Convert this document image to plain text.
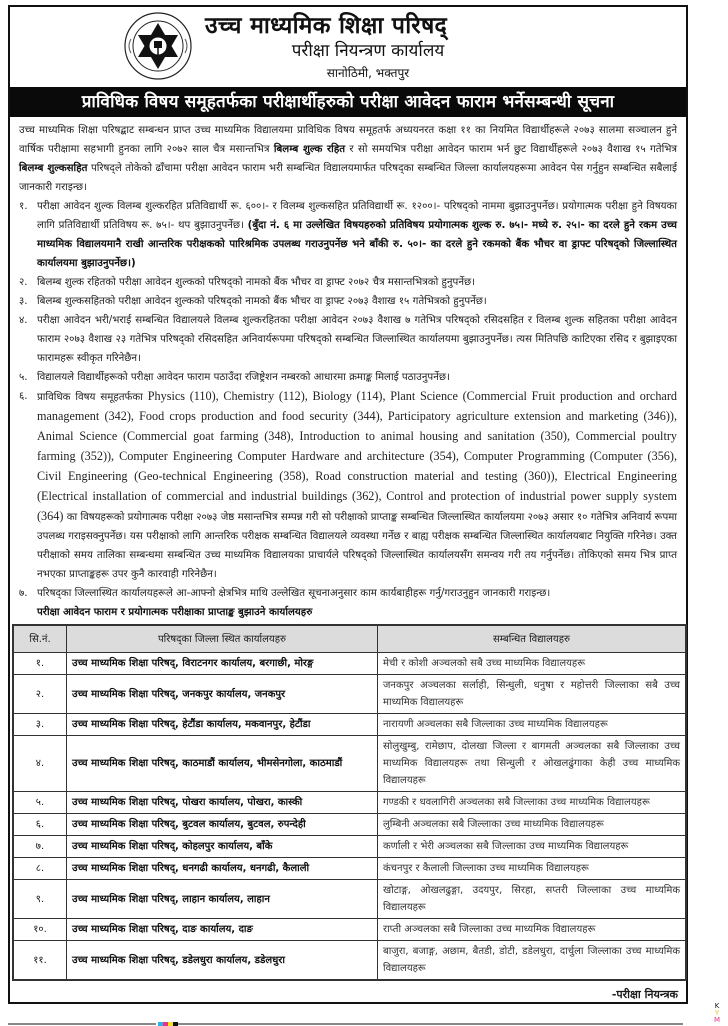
उच्च माध्यमिक शिक्षा परिषद्
परीक्षा नियन्त्रण कार्यालय
सानोठिमी, भक्तपुर
प्राविधिक विषय समूहतर्फका परीक्षार्थीहरुको परीक्षा आवेदन फाराम भर्नेसम्बन्धी सूचना

उच्च माध्यमिक शिक्षा परिषद्बाट सम्बन्धन प्राप्त उच्च माध्यमिक विद्यालयमा प्राविधिक विषय समूहतर्फ अध्ययनरत कक्षा ११ का नियमित विद्यार्थीहरूले २०७३ सालमा सञ्चालन हुने वार्षिक परीक्षामा सहभागी हुनका लागि २०७२ साल चैत्र मसान्तभित्र बिलम्ब शुल्क रहित र सो समयभित्र परीक्षा आवेदन फाराम भर्न छुट विद्यार्थीहरूले २०७३ वैशाख १५ गतेभित्र बिलम्ब शुल्कसहित परिषद्ले तोकेको ढाँचामा परीक्षा आवेदन फाराम भरी सम्बन्धित विद्यालयमार्फत परिषद्का सम्बन्धित जिल्ला कार्यालयहरूमा आवेदन पेस गर्नुहुन सम्बन्धित सबैलाई जानकारी गराइन्छ।

१. परीक्षा आवेदन शुल्क विलम्ब शुल्करहित प्रतिविद्यार्थी रू. ६००।- र विलम्ब शुल्कसहित प्रतिविद्यार्थी रू. १२००।- परिषद्को नाममा बुझाउनुपर्नेछ। प्रयोगात्मक परीक्षा हुने विषयका लागि प्रतिविद्यार्थी प्रतिविषय रू. ७५।- थप बुझाउनुपर्नेछ। (बुँदा नं. ६ मा उल्लेखित विषयहरुको प्रतिविषय प्रयोगात्मक शुल्क रु. ७५।- मध्ये रु. २५।- का दरले हुने रकम उच्च माध्यमिक विद्यालयमानै राखी आन्तरिक परीक्षकको पारिश्रमिक उपलब्ध गराउनुपर्नेछ भने बाँकी रु. ५०।- का दरले हुने रकमको बैंक भौचर वा ड्राफ्ट परिषद्को जिल्लास्थित कार्यालयमा बुझाउनुपर्नेछ।)
२. बिलम्ब शुल्क रहितको परीक्षा आवेदन शुल्कको परिषद्को नामको बैंक भौचर वा ड्राफ्ट २०७२ चैत्र मसान्तभित्रको हुनुपर्नेछ।
३. बिलम्ब शुल्कसहितको परीक्षा आवेदन शुल्कको परिषद्को नामको बैंक भौचर वा ड्राफ्ट २०७३ वैशाख १५ गतेभित्रको हुनुपर्नेछ।
४. परीक्षा आवेदन भरी/भराई सम्बन्धित विद्यालयले विलम्ब शुल्करहितका परीक्षा आवेदन २०७३ वैशाख ७ गतेभित्र परिषद्को रसिदसहित र विलम्ब शुल्क सहितका परीक्षा आवेदन फाराम २०७३ वैशाख २३ गतेभित्र परिषद्को रसिदसहित अनिवार्यरूपमा परिषद्को सम्बन्धित जिल्लास्थित कार्यालयमा बुझाउनुपर्नेछ। त्यस मितिपछि काटिएका रसिद र बुझाइएका फारामहरू स्वीकृत गरिनेछैन।
५. विद्यालयले विद्यार्थीहरूको परीक्षा आवेदन फाराम पठाउँदा रजिष्ट्रेशन नम्बरको आधारमा क्रमाङ्क मिलाई पठाउनुपर्नेछ।
६. प्राविधिक विषय समूहतर्फका Physics (110), Chemistry (112), Biology (114), Plant Science (Commercial Fruit production and orchard management (342), Food crops production and food security (344), Participatory agriculture extension and marketing (346)), Animal Science (Commercial goat farming (348), Introduction to animal housing and sanitation (350), Commercial poultry farming (352)), Computer Engineering Computer Hardware and architecture (354), Computer Programming (Computer (356), Civil Engineering (Geo-technical Engineering (358), Road construction material and testing (360)), Electrical Engineering (Electrical installation of commercial and industrial buildings (362), Control and protection of industrial power supply system (364) का विषयहरूको प्रयोगात्मक परीक्षा २०७३ जेष्ठ मसान्तभित्र सम्पन्न गरी सो परीक्षाको प्राप्ताङ्क सम्बन्धित जिल्लास्थित कार्यालयमा २०७३ असार १० गतेभित्र अनिवार्य रूपमा उपलब्ध गराइसक्नुपर्नेछ। यस परीक्षाको लागि आन्तरिक परीक्षक सम्बन्धित विद्यालयले व्यवस्था गर्नेछ र बाह्य परीक्षक सम्बन्धित जिल्लास्थित कार्यालयबाट नियुक्ति गरिनेछ। उक्त परीक्षाको समय तालिका सम्बन्धमा सम्बन्धित उच्च माध्यमिक विद्यालयका प्राचार्यले परिषद्को जिल्लास्थित कार्यालयसँग समन्वय गरी तय गर्नुपर्नेछ। तोकिएको समय भित्र प्राप्त नभएका प्राप्ताङ्कहरू उपर कुनै कारवाही गरिनेछैन।
७. परिषद्का जिल्लास्थित कार्यालयहरूले आ-आफ्नो क्षेत्रभित्र माथि उल्लेखित सूचनाअनुसार काम कार्यबाहीहरू गर्नु/गराउनुहुन जानकारी गराइन्छ।
परीक्षा आवेदन फाराम र प्रयोगात्मक परीक्षाका प्राप्ताङ्क बुझाउने कार्यालयहरु
सि.नं.	परिषद्का जिल्ला स्थित कार्यालयहरु	सम्बन्धित विद्यालयहरु
१.	उच्च माध्यमिक शिक्षा परिषद्, विराटनगर कार्यालय, बरगाछी, मोरङ्ग	मेची र कोशी अञ्चलको सबै उच्च माध्यमिक विद्यालयहरू
२.	उच्च माध्यमिक शिक्षा परिषद्, जनकपुर कार्यालय, जनकपुर	जनकपुर अञ्चलका सर्लाही, सिन्धुली, धनुषा र महोत्तरी जिल्लाका सबै उच्च माध्यमिक विद्यालयहरू
३.	उच्च माध्यमिक शिक्षा परिषद्, हेटौंडा कार्यालय, मकवानपुर, हेटौंडा	नारायणी अञ्चलका सबै जिल्लाका उच्च माध्यमिक विद्यालयहरू
४.	उच्च माध्यमिक शिक्षा परिषद्, काठमाडौं कार्यालय, भीमसेनगोला, काठमाडौं	सोलुखुम्बु, रामेछाप, दोलखा जिल्ला र बागमती अञ्चलका सबै जिल्लाका उच्च माध्यमिक विद्यालयहरू तथा सिन्धुली र ओखलढुंगाका केही उच्च माध्यमिक विद्यालयहरू
५.	उच्च माध्यमिक शिक्षा परिषद्, पोखरा कार्यालय, पोखरा, कास्की	गण्डकी र धवलागिरी अञ्चलका सबै जिल्लाका उच्च माध्यमिक विद्यालयहरू
६.	उच्च माध्यमिक शिक्षा परिषद्, बुटवल कार्यालय, बुटवल, रुपन्देही	लुम्बिनी अञ्चलका सबै जिल्लाका उच्च माध्यमिक विद्यालयहरू
७.	उच्च माध्यमिक शिक्षा परिषद्, कोहलपुर कार्यालय, बाँके	कर्णाली र भेरी अञ्चलका सबै जिल्लाका उच्च माध्यमिक विद्यालयहरू
८.	उच्च माध्यमिक शिक्षा परिषद्, धनगढी कार्यालय, धनगढी, कैलाली	कंचनपुर र कैलाली जिल्लाका उच्च माध्यमिक विद्यालयहरू
९.	उच्च माध्यमिक शिक्षा परिषद्, लाहान कार्यालय, लाहान	खोटाङ्ग, ओखलढुङ्गा, उदयपुर, सिरहा, सप्तरी जिल्लाका उच्च माध्यमिक विद्यालयहरू
१०.	उच्च माध्यमिक शिक्षा परिषद्, दाङ कार्यालय, दाङ	राप्ती अञ्चलका सबै जिल्लाका उच्च माध्यमिक विद्यालयहरू
११.	उच्च माध्यमिक शिक्षा परिषद्, डडेलधुरा कार्यालय, डडेलधुरा	बाजुरा, बजाङ्ग, अछाम, बैतडी, डोटी, डडेलधुरा, दार्चुला जिल्लाका उच्च माध्यमिक विद्यालयहरू
-परीक्षा नियन्त्रक
K
Y
M
